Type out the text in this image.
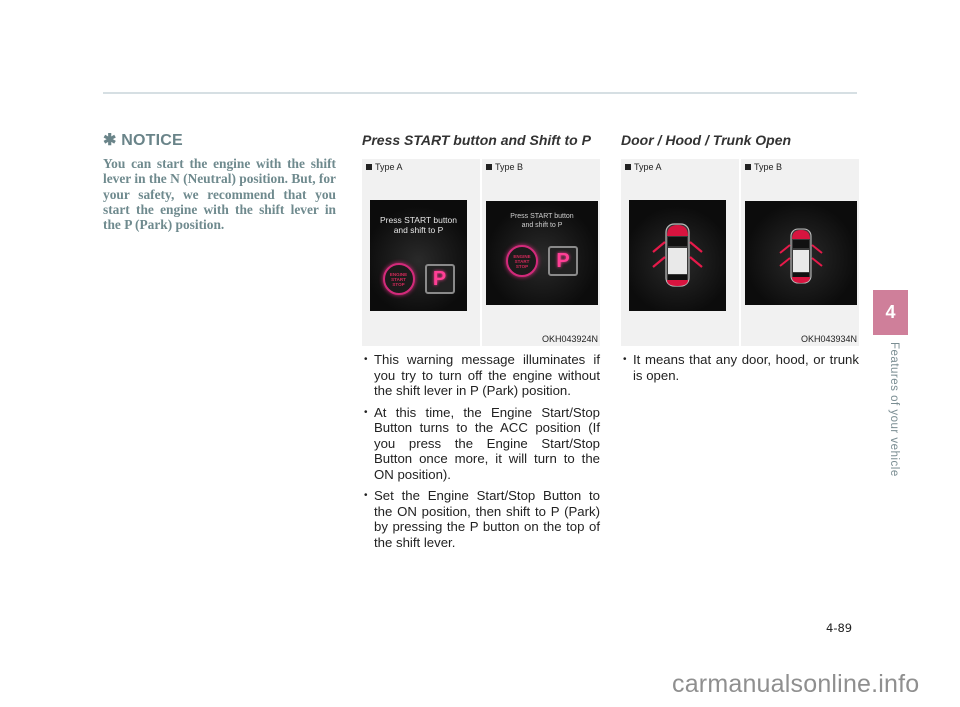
✱ NOTICE

You can start the engine with the shift lever in the N (Neutral) position. But, for your safety, we recommend that you start the engine with the shift lever in the P (Park) position.

Press START button and Shift to P
Type A
Press START button
and shift to P
ENGINE START STOP	P
Type B
Press START button
and shift to P
ENGINE START STOP	P
OKH043924N
• This warning message illuminates if you try to turn off the engine without the shift lever in P (Park) position.
• At this time, the Engine Start/Stop Button turns to the ACC position (If you press the Engine Start/Stop Button once more, it will turn to the ON position).
• Set the Engine Start/Stop Button to the ON position, then shift to P (Park) by pressing the P button on the top of the shift lever.
Door / Hood / Trunk Open
Type A	Type B
OKH043934N
• It means that any door, hood, or trunk is open.
4
Features of your vehicle
4-89
carmanualsonline.info
